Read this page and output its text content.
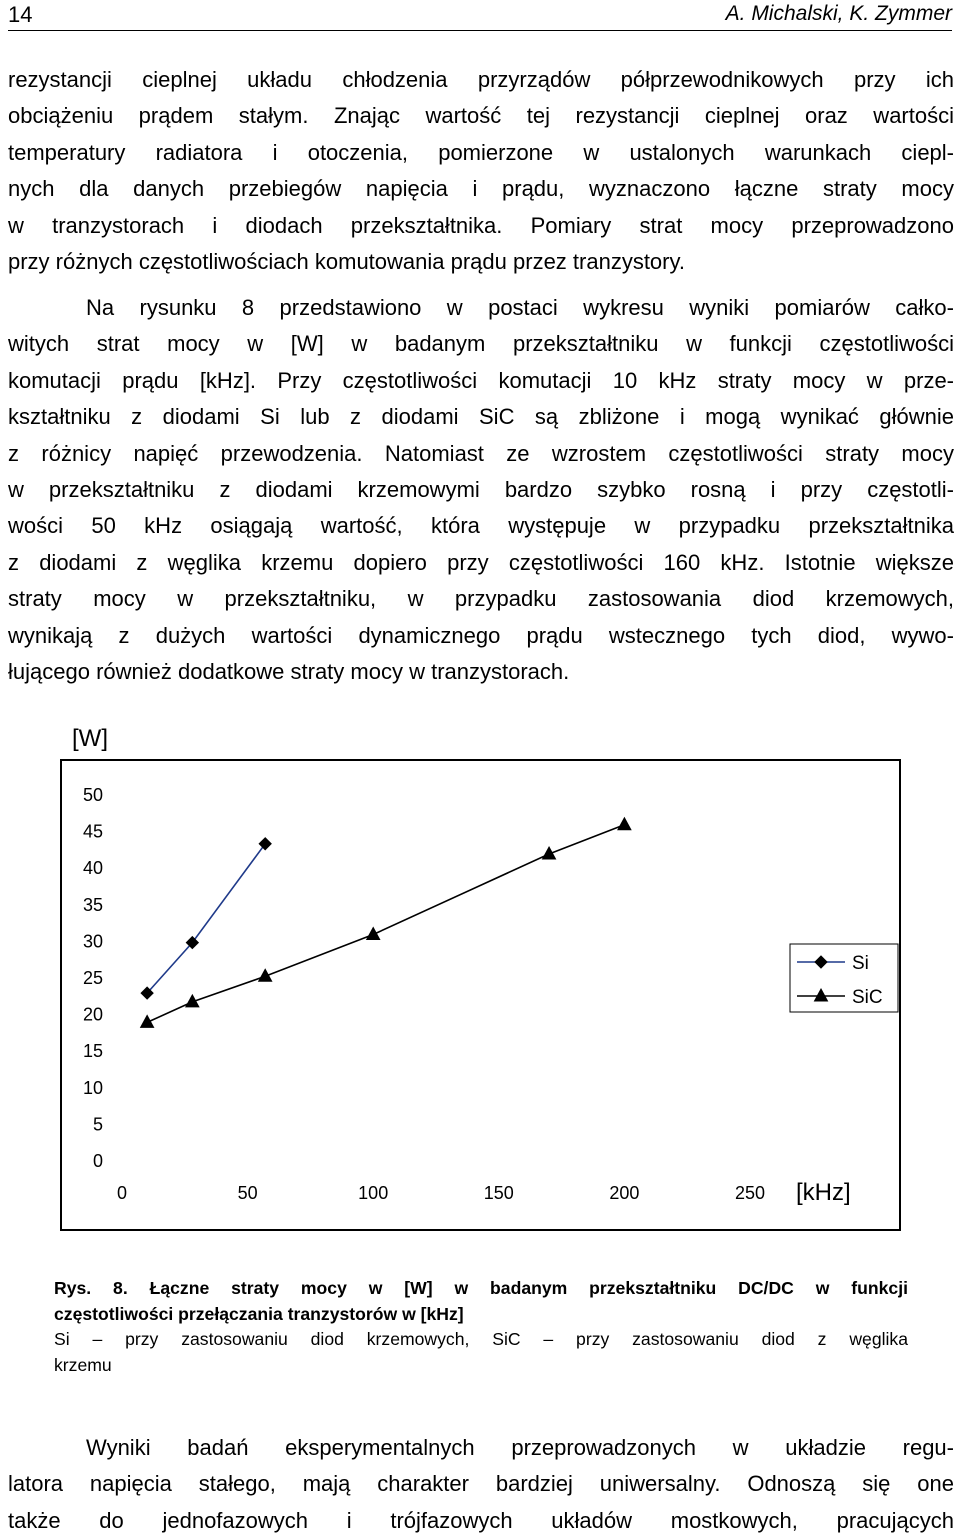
14	A. Michalski, K. Zymmer
rezystancji cieplnej układu chłodzenia przyrządów półprzewodnikowych przy ich
obciążeniu prądem stałym. Znając wartość tej rezystancji cieplnej oraz wartości
temperatury radiatora i otoczenia, pomierzone w ustalonych warunkach ciepl-
nych dla danych przebiegów napięcia i prądu, wyznaczono łączne straty mocy
w tranzystorach i diodach przekształtnika. Pomiary strat mocy przeprowadzono
przy różnych częstotliwościach komutowania prądu przez tranzystory.
Na rysunku 8 przedstawiono w postaci wykresu wyniki pomiarów całko-
witych strat mocy w [W] w badanym przekształtniku w funkcji częstotliwości
komutacji prądu [kHz]. Przy częstotliwości komutacji 10 kHz straty mocy w prze-
kształtniku z diodami Si lub z diodami SiC są zbliżone i mogą wynikać głównie
z różnicy napięć przewodzenia. Natomiast ze wzrostem częstotliwości straty mocy
w przekształtniku z diodami krzemowymi bardzo szybko rosną i przy częstotli-
wości 50 kHz osiągają wartość, która występuje w przypadku przekształtnika
z diodami z węglika krzemu dopiero przy częstotliwości 160 kHz. Istotnie większe
straty mocy w przekształtniku, w przypadku zastosowania diod krzemowych,
wynikają z dużych wartości dynamicznego prądu wstecznego tych diod, wywo-
łującego również dodatkowe straty mocy w tranzystorach.
[W]
0
5
10
15
20
25
30
35
40
45
50
0	50	100	150	200	250 [kHz]
Si
SiC
Rys. 8. Łączne straty mocy w [W] w badanym przekształtniku DC/DC w funkcji
częstotliwości przełączania tranzystorów w [kHz]
Si – przy zastosowaniu diod krzemowych, SiC – przy zastosowaniu diod z węglika
krzemu
Wyniki badań eksperymentalnych przeprowadzonych w układzie regu-
latora napięcia stałego, mają charakter bardziej uniwersalny. Odnoszą się one
także do jednofazowych i trójfazowych układów mostkowych, pracujących
